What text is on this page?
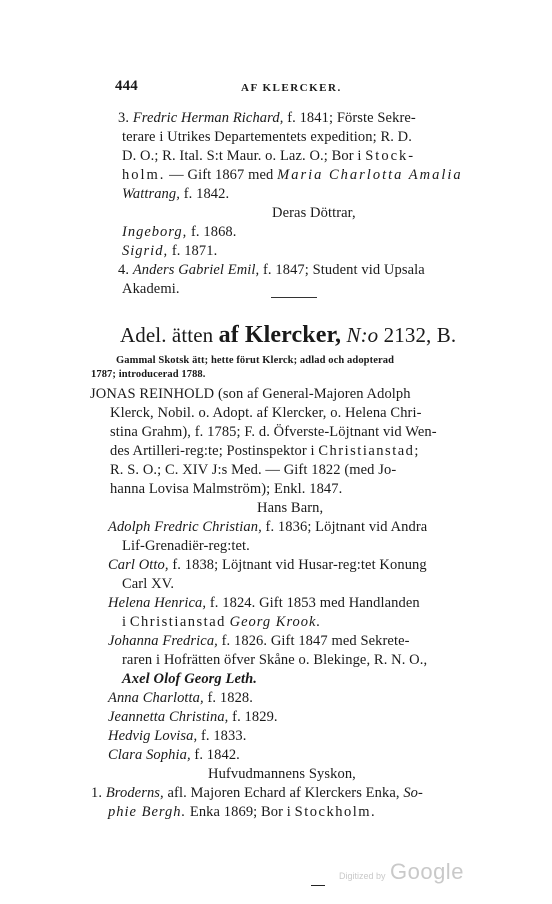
444	AF KLERCKER.
3. Fredric Herman Richard, f. 1841; Förste Sekre-
terare i Utrikes Departementets expedition; R. D.
D. O.; R. Ital. S:t Maur. o. Laz. O.; Bor i Stock-
holm. — Gift 1867 med Maria Charlotta Amalia
Wattrang, f. 1842.
Deras Döttrar,
Ingeborg, f. 1868.
Sigrid, f. 1871.
4. Anders Gabriel Emil, f. 1847; Student vid Upsala
Akademi.
Adel. ätten af Klercker, N:o 2132, B.
Gammal Skotsk ätt; hette förut Klerck; adlad och adopterad
1787; introducerad 1788.
JONAS REINHOLD (son af General-Majoren Adolph
Klerck, Nobil. o. Adopt. af Klercker, o. Helena Chri-
stina Grahm), f. 1785; F. d. Öfverste-Löjtnant vid Wen-
des Artilleri-reg:te; Postinspektor i Christianstad;
R. S. O.; C. XIV J:s Med. — Gift 1822 (med Jo-
hanna Lovisa Malmström); Enkl. 1847.
Hans Barn,
Adolph Fredric Christian, f. 1836; Löjtnant vid Andra
Lif-Grenadiër-reg:tet.
Carl Otto, f. 1838; Löjtnant vid Husar-reg:tet Konung
Carl XV.
Helena Henrica, f. 1824. Gift 1853 med Handlanden
i Christianstad Georg Krook.
Johanna Fredrica, f. 1826. Gift 1847 med Sekrete-
raren i Hofrätten öfver Skåne o. Blekinge, R. N. O.,
Axel Olof Georg Leth.
Anna Charlotta, f. 1828.
Jeannetta Christina, f. 1829.
Hedvig Lovisa, f. 1833.
Clara Sophia, f. 1842.
Hufvudmannens Syskon,
1. Broderns, afl. Majoren Echard af Klerckers Enka, So-
phie Bergh. Enka 1869; Bor i Stockholm.
Digitized by Google
